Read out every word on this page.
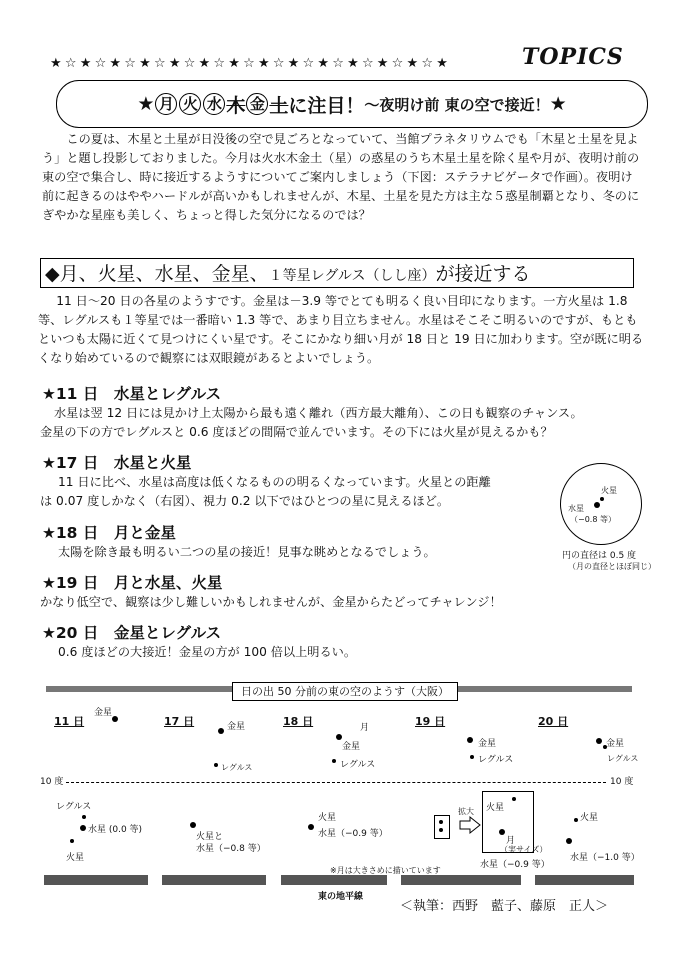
★☆★☆★☆★☆★☆★☆★☆★☆★☆★☆★☆★☆★☆★	TOPICS
★ 月 火 水 木 金 土 に注目！ ～夜明け前 東の空で接近！ ★
この夏は、木星と土星が日没後の空で見ごろとなっていて、当館プラネタリウムでも「木星と土星を見よう」と題し投影しておりました。今月は火水木金土（星）の惑星のうち木星土星を除く星や月が、夜明け前の東の空で集合し、時に接近するようすについてご案内しましょう（下図：ステラナビゲータで作画）。夜明け前に起きるのはややハードルが高いかもしれませんが、木星、土星を見た方は主な５惑星制覇となり、冬のにぎやかな星座も美しく、ちょっと得した気分になるのでは？
◆月、火星、水星、金星、１等星レグルス（しし座）が接近する
11 日～20 日の各星のようすです。金星は－3.9 等でとても明るく良い目印になります。一方火星は 1.8 等、レグルスも１等星では一番暗い 1.3 等で、あまり目立ちません。水星はそこそこ明るいのですが、もともといつも太陽に近くて見つけにくい星です。そこにかなり細い月が 18 日と 19 日に加わります。空が既に明るくなり始めているので観察には双眼鏡があるとよいでしょう。
★11 日　水星とレグルス
水星は翌 12 日には見かけ上太陽から最も遠く離れ（西方最大離角）、この日も観察のチャンス。
金星の下の方でレグルスと 0.6 度ほどの間隔で並んでいます。その下には火星が見えるかも？
★17 日　水星と火星
11 日に比べ、水星は高度は低くなるものの明るくなっています。火星との距離
は 0.07 度しかなく（右図）、視力 0.2 以下ではひとつの星に見えるほど。
★18 日　月と金星
太陽を除き最も明るい二つの星の接近！見事な眺めとなるでしょう。
★19 日　月と水星、火星
かなり低空で、観察は少し難しいかもしれませんが、金星からたどってチャレンジ！
★20 日　金星とレグルス
0.6 度ほどの大接近！金星の方が 100 倍以上明るい。
火星
水星
（−0.8 等）
円の直径は 0.5 度
（月の直径とほぼ同じ）
日の出 50 分前の東の空のようす（大阪）
10 度	10 度
東の地平線
※月は大きさめに描いています
11 日
金星
レグルス
水星 (0.0 等)
火星
17 日	金星
レグルス
火星と
水星（−0.8 等）
18 日	月
金星
レグルス
火星
水星（−0.9 等）
19 日
金星
レグルス
拡大 火星
月
（実サイズ）
水星（−0.9 等）
20 日
金星
レグルス
火星
水星（−1.0 等）
＜執筆：西野　藍子、藤原　正人＞
